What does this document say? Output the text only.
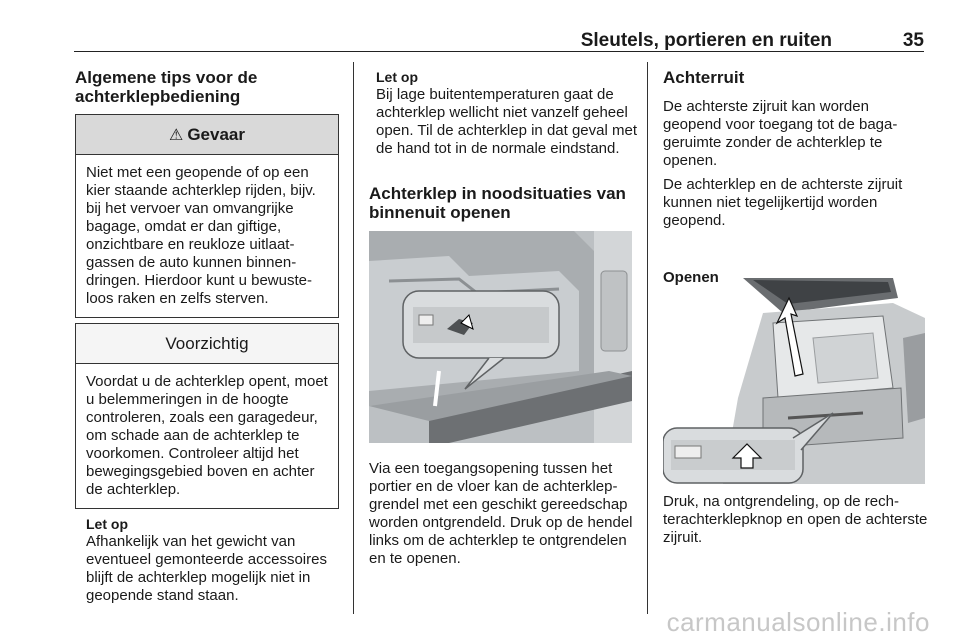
Sleutels, portieren en ruiten	35
Algemene tips voor de achterklepbediening
⚠ Gevaar

Niet met een geopende of op een kier staande achterklep rijden, bijv. bij het vervoer van omvangrijke bagage, omdat er dan giftige, onzichtbare en reukloze uitlaatgassen de auto kunnen binnendringen. Hierdoor kunt u bewusteloos raken en zelfs sterven.

Voorzichtig

Voordat u de achterklep opent, moet u belemmeringen in de hoogte controleren, zoals een garagedeur, om schade aan de achterklep te voorkomen. Controleer altijd het bewegingsgebied boven en achter de achterklep.

Let op

Afhankelijk van het gewicht van eventueel gemonteerde accessoires blijft de achterklep mogelijk niet in geopende stand staan.

Let op

Bij lage buitentemperaturen gaat de achterklep wellicht niet vanzelf geheel open. Til de achterklep in dat geval met de hand tot in de normale eindstand.

Achterklep in noodsituaties van binnenuit openen

Via een toegangsopening tussen het portier en de vloer kan de achterklepgrendel met een geschikt gereedschap worden ontgrendeld. Druk op de hendel links om de achterklep te ontgrendelen en te openen.

Achterruit

De achterste zijruit kan worden geopend voor toegang tot de bagageruimte zonder de achterklep te openen.

De achterklep en de achterste zijruit kunnen niet tegelijkertijd worden geopend.

Openen

Druk, na ontgrendeling, op de rechterachterklepknop en open de achterste zijruit.

carmanualsonline.info
